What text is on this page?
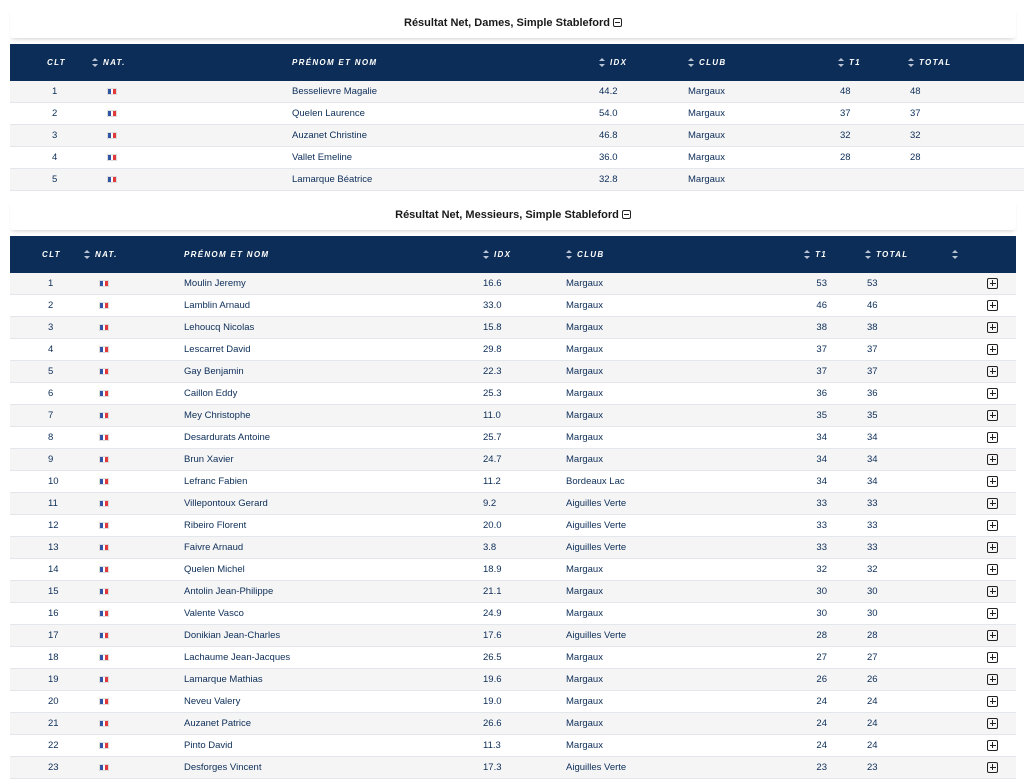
Résultat Net, Dames, Simple Stableford
CLT	NAT.	PRÉNOM ET NOM	IDX	CLUB	T1	TOTAL	
1		Besselievre Magalie	44.2	Margaux	48	48	
2		Quelen Laurence	54.0	Margaux	37	37	
3		Auzanet Christine	46.8	Margaux	32	32	
4		Vallet Emeline	36.0	Margaux	28	28	
5		Lamarque Béatrice	32.8	Margaux			
Résultat Net, Messieurs, Simple Stableford
CLT	NAT.	PRÉNOM ET NOM	IDX	CLUB	T1	TOTAL	
1		Moulin Jeremy	16.6	Margaux	53	53	
2		Lamblin Arnaud	33.0	Margaux	46	46	
3		Lehoucq Nicolas	15.8	Margaux	38	38	
4		Lescarret David	29.8	Margaux	37	37	
5		Gay Benjamin	22.3	Margaux	37	37	
6		Caillon Eddy	25.3	Margaux	36	36	
7		Mey Christophe	11.0	Margaux	35	35	
8		Desardurats Antoine	25.7	Margaux	34	34	
9		Brun Xavier	24.7	Margaux	34	34	
10		Lefranc Fabien	11.2	Bordeaux Lac	34	34	
11		Villepontoux Gerard	9.2	Aiguilles Verte	33	33	
12		Ribeiro Florent	20.0	Aiguilles Verte	33	33	
13		Faivre Arnaud	3.8	Aiguilles Verte	33	33	
14		Quelen Michel	18.9	Margaux	32	32	
15		Antolin Jean-Philippe	21.1	Margaux	30	30	
16		Valente Vasco	24.9	Margaux	30	30	
17		Donikian Jean-Charles	17.6	Aiguilles Verte	28	28	
18		Lachaume Jean-Jacques	26.5	Margaux	27	27	
19		Lamarque Mathias	19.6	Margaux	26	26	
20		Neveu Valery	19.0	Margaux	24	24	
21		Auzanet Patrice	26.6	Margaux	24	24	
22		Pinto David	11.3	Margaux	24	24	
23		Desforges Vincent	17.3	Aiguilles Verte	23	23	
